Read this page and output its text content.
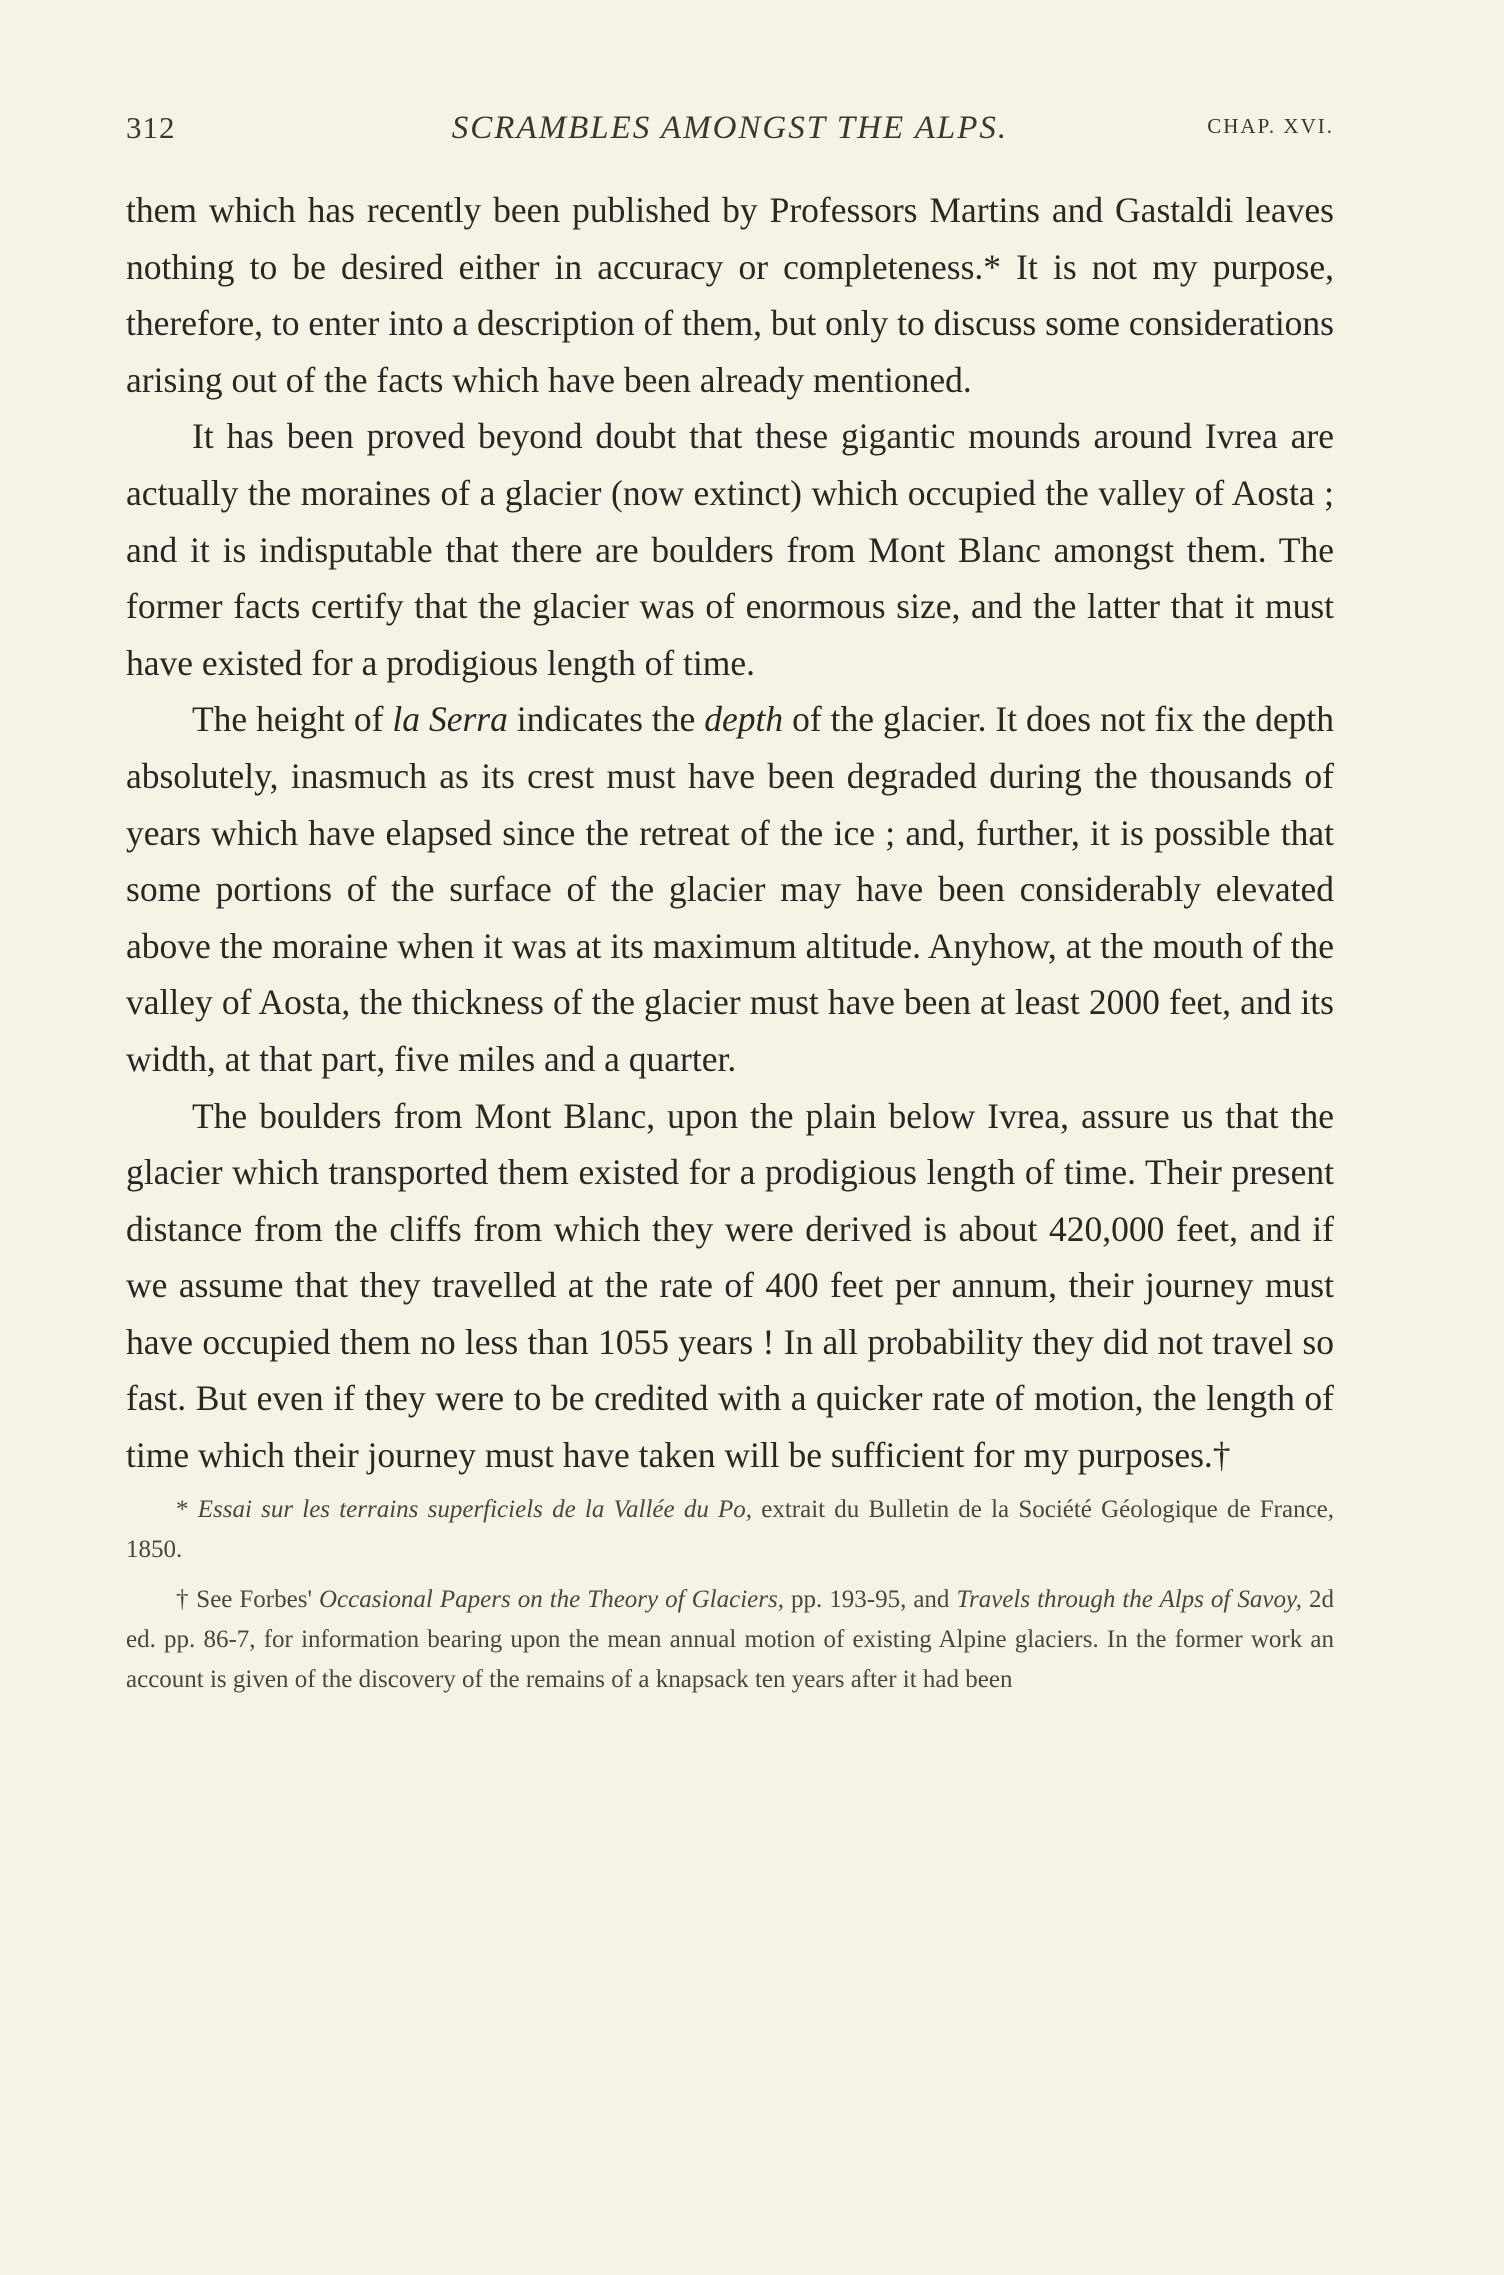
312	SCRAMBLES AMONGST THE ALPS.	CHAP. XVI.

them which has recently been published by Professors Martins and Gastaldi leaves nothing to be desired either in accuracy or completeness.* It is not my purpose, therefore, to enter into a description of them, but only to discuss some considerations arising out of the facts which have been already mentioned.

It has been proved beyond doubt that these gigantic mounds around Ivrea are actually the moraines of a glacier (now extinct) which occupied the valley of Aosta ; and it is indisputable that there are boulders from Mont Blanc amongst them. The former facts certify that the glacier was of enormous size, and the latter that it must have existed for a prodigious length of time.

The height of la Serra indicates the depth of the glacier. It does not fix the depth absolutely, inasmuch as its crest must have been degraded during the thousands of years which have elapsed since the retreat of the ice ; and, further, it is possible that some portions of the surface of the glacier may have been considerably elevated above the moraine when it was at its maximum altitude. Anyhow, at the mouth of the valley of Aosta, the thickness of the glacier must have been at least 2000 feet, and its width, at that part, five miles and a quarter.

The boulders from Mont Blanc, upon the plain below Ivrea, assure us that the glacier which transported them existed for a prodigious length of time. Their present distance from the cliffs from which they were derived is about 420,000 feet, and if we assume that they travelled at the rate of 400 feet per annum, their journey must have occupied them no less than 1055 years ! In all probability they did not travel so fast. But even if they were to be credited with a quicker rate of motion, the length of time which their journey must have taken will be sufficient for my purposes.†

* Essai sur les terrains superficiels de la Vallée du Po, extrait du Bulletin de la Société Géologique de France, 1850.

† See Forbes' Occasional Papers on the Theory of Glaciers, pp. 193-95, and Travels through the Alps of Savoy, 2d ed. pp. 86-7, for information bearing upon the mean annual motion of existing Alpine glaciers. In the former work an account is given of the discovery of the remains of a knapsack ten years after it had been
